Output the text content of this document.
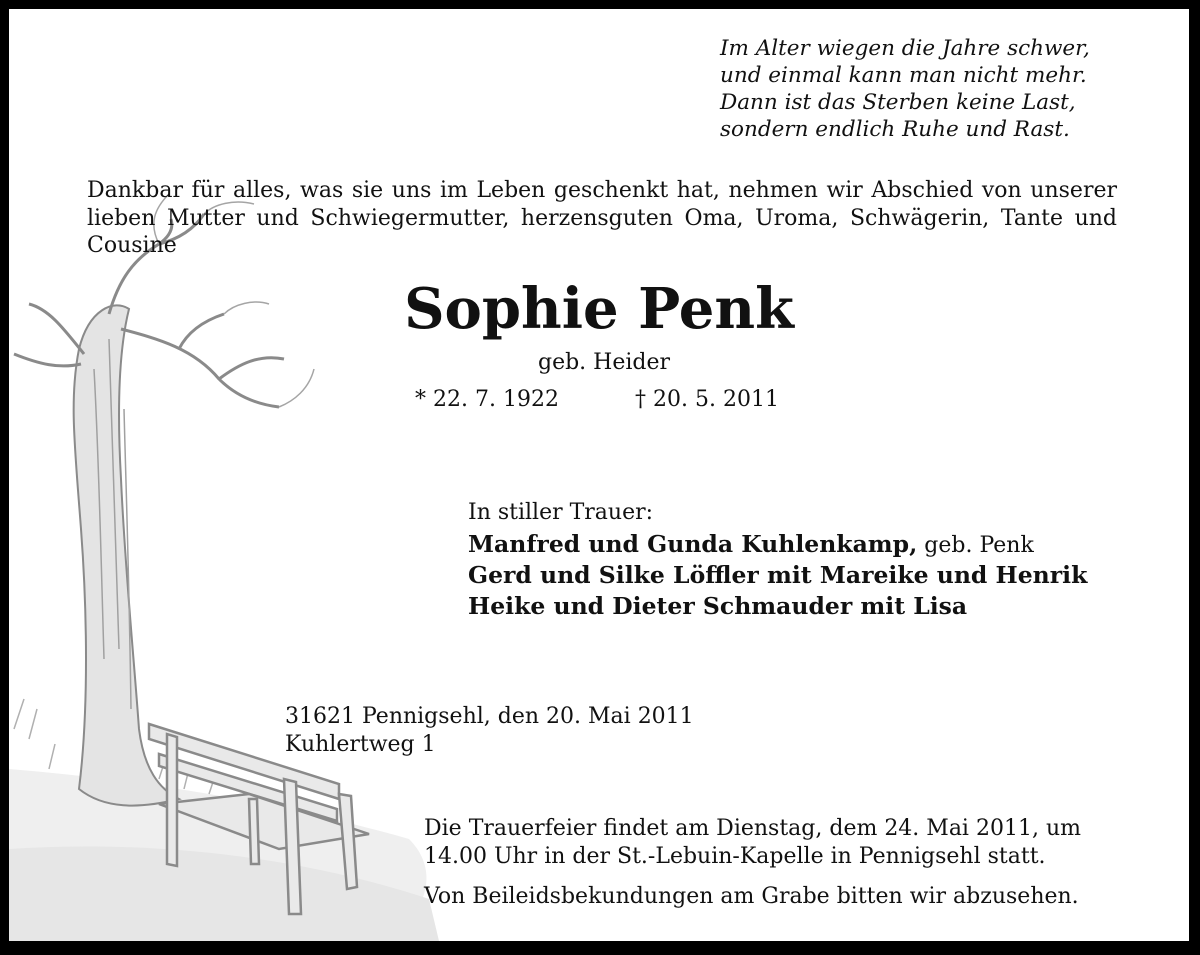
Im Alter wiegen die Jahre schwer,
und einmal kann man nicht mehr.
Dann ist das Sterben keine Last,
sondern endlich Ruhe und Rast.
Dankbar für alles, was sie uns im Leben geschenkt hat, nehmen wir Abschied von unserer lieben Mutter und Schwiegermutter, herzensguten Oma, Uroma, Schwägerin, Tante und Cousine
Sophie Penk
geb. Heider
* 22. 7. 1922	† 20. 5. 2011
In stiller Trauer:
Manfred und Gunda Kuhlenkamp, geb. Penk
Gerd und Silke Löffler mit Mareike und Henrik
Heike und Dieter Schmauder mit Lisa
31621 Pennigsehl, den 20. Mai 2011
Kuhlertweg 1
Die Trauerfeier findet am Dienstag, dem 24. Mai 2011, um
14.00 Uhr in der St.-Lebuin-Kapelle in Pennigsehl statt.
Von Beileidsbekundungen am Grabe bitten wir abzusehen.
